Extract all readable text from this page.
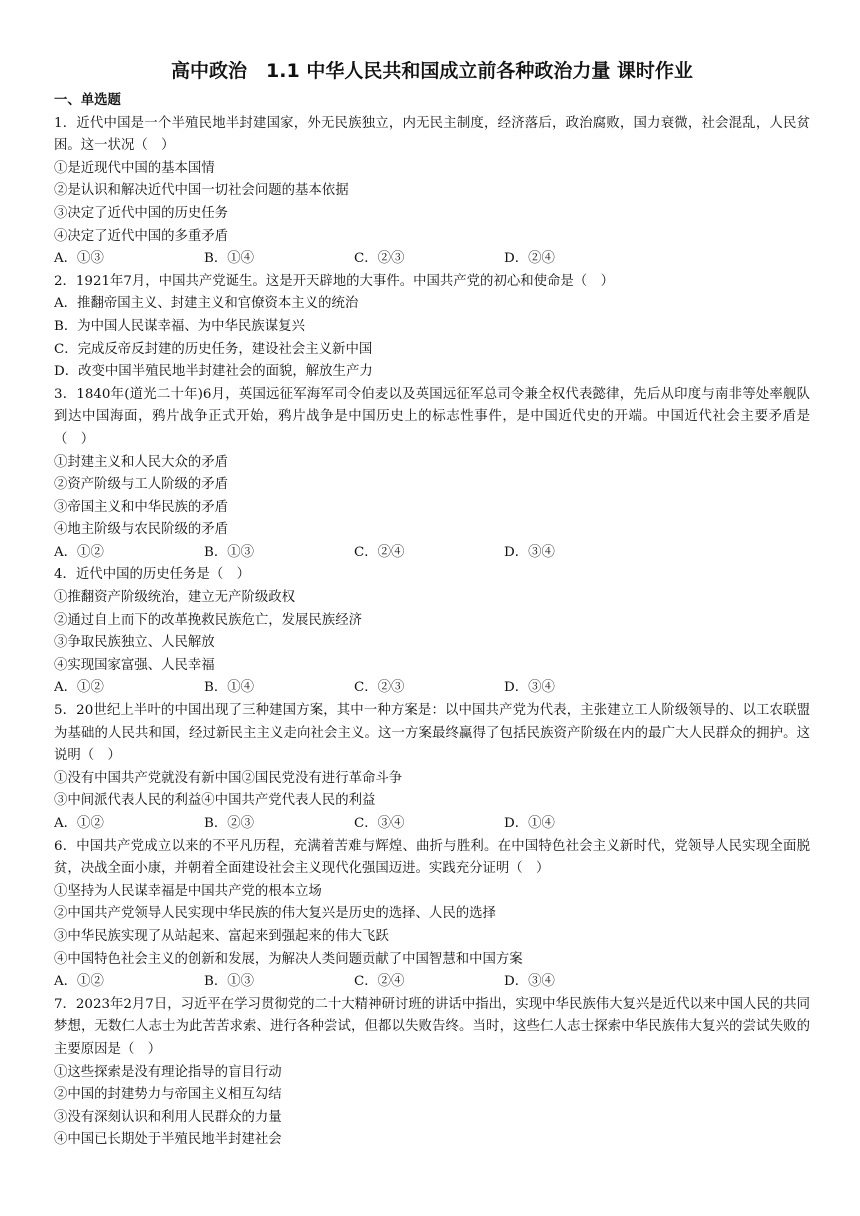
高中政治　1.1 中华人民共和国成立前各种政治力量 课时作业
一、单选题
1．近代中国是一个半殖民地半封建国家，外无民族独立，内无民主制度，经济落后，政治腐败，国力衰微，社会混乱，人民贫困。这一状况（　）
①是近现代中国的基本国情
②是认识和解决近代中国一切社会问题的基本依据
③决定了近代中国的历史任务
④决定了近代中国的多重矛盾
A．①③	B．①④	C．②③	D．②④
2．1921年7月，中国共产党诞生。这是开天辟地的大事件。中国共产党的初心和使命是（　）
A．推翻帝国主义、封建主义和官僚资本主义的统治
B．为中国人民谋幸福、为中华民族谋复兴
C．完成反帝反封建的历史任务，建设社会主义新中国
D．改变中国半殖民地半封建社会的面貌，解放生产力
3．1840年(道光二十年)6月，英国远征军海军司令伯麦以及英国远征军总司令兼全权代表懿律，先后从印度与南非等处率舰队到达中国海面，鸦片战争正式开始，鸦片战争是中国历史上的标志性事件，是中国近代史的开端。中国近代社会主要矛盾是（　）
①封建主义和人民大众的矛盾
②资产阶级与工人阶级的矛盾
③帝国主义和中华民族的矛盾
④地主阶级与农民阶级的矛盾
A．①②	B．①③	C．②④	D．③④
4．近代中国的历史任务是（　）
①推翻资产阶级统治，建立无产阶级政权
②通过自上而下的改革挽救民族危亡，发展民族经济
③争取民族独立、人民解放
④实现国家富强、人民幸福
A．①②	B．①④	C．②③	D．③④
5．20世纪上半叶的中国出现了三种建国方案，其中一种方案是：以中国共产党为代表，主张建立工人阶级领导的、以工农联盟为基础的人民共和国，经过新民主主义走向社会主义。这一方案最终赢得了包括民族资产阶级在内的最广大人民群众的拥护。这说明（　）
①没有中国共产党就没有新中国②国民党没有进行革命斗争
③中间派代表人民的利益④中国共产党代表人民的利益
A．①②	B．②③	C．③④	D．①④
6．中国共产党成立以来的不平凡历程，充满着苦难与辉煌、曲折与胜利。在中国特色社会主义新时代，党领导人民实现全面脱贫，决战全面小康，并朝着全面建设社会主义现代化强国迈进。实践充分证明（　）
①坚持为人民谋幸福是中国共产党的根本立场
②中国共产党领导人民实现中华民族的伟大复兴是历史的选择、人民的选择
③中华民族实现了从站起来、富起来到强起来的伟大飞跃
④中国特色社会主义的创新和发展，为解决人类问题贡献了中国智慧和中国方案
A．①②	B．①③	C．②④	D．③④
7．2023年2月7日，习近平在学习贯彻党的二十大精神研讨班的讲话中指出，实现中华民族伟大复兴是近代以来中国人民的共同梦想，无数仁人志士为此苦苦求索、进行各种尝试，但都以失败告终。当时，这些仁人志士探索中华民族伟大复兴的尝试失败的主要原因是（　）
①这些探索是没有理论指导的盲目行动
②中国的封建势力与帝国主义相互勾结
③没有深刻认识和利用人民群众的力量
④中国已长期处于半殖民地半封建社会
